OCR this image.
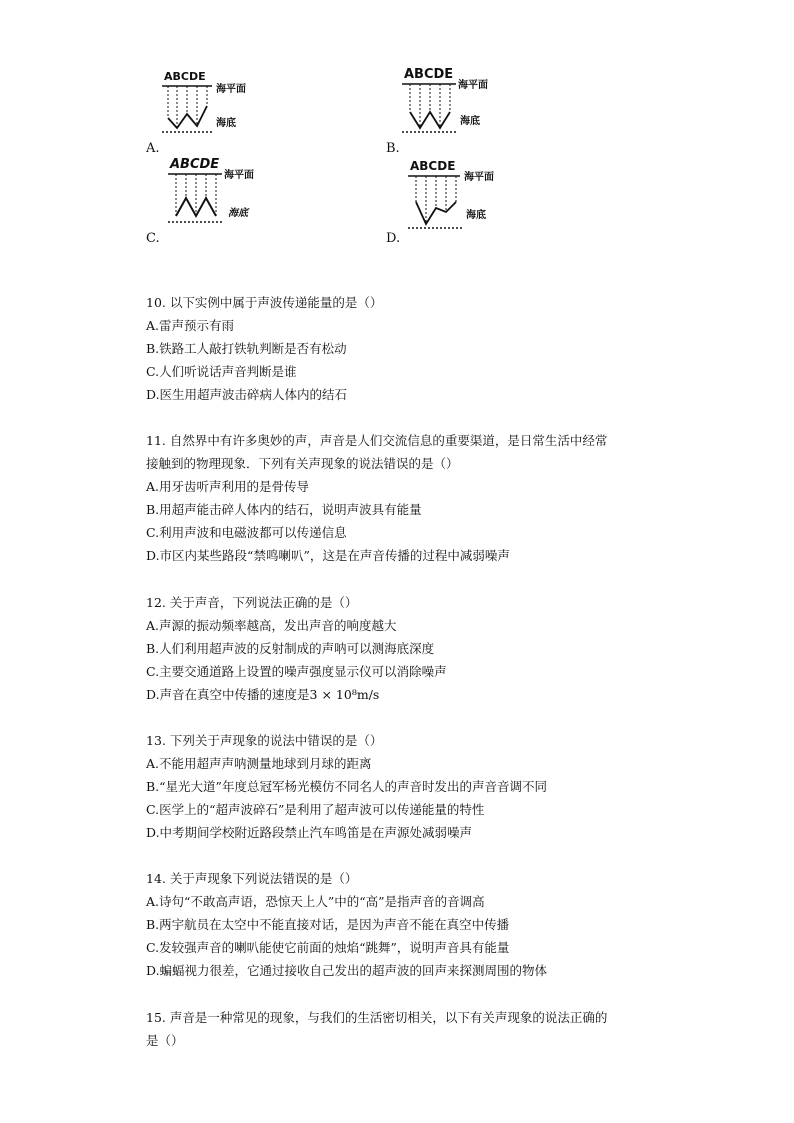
A.
ABCDE
海平面
海底
B.
ABCDE
海平面
海底
C.
ABCDE
海平面
海底
D.
ABCDE
海平面
海底

10. 以下实例中属于声波传递能量的是（）

A.雷声预示有雨

B.铁路工人敲打铁轨判断是否有松动

C.人们听说话声音判断是谁

D.医生用超声波击碎病人体内的结石

11. 自然界中有许多奥妙的声，声音是人们交流信息的重要渠道，是日常生活中经常

接触到的物理现象．下列有关声现象的说法错误的是（）

A.用牙齿听声利用的是骨传导

B.用超声能击碎人体内的结石，说明声波具有能量

C.利用声波和电磁波都可以传递信息

D.市区内某些路段“禁鸣喇叭”，这是在声音传播的过程中减弱噪声

12. 关于声音，下列说法正确的是（）

A.声源的振动频率越高，发出声音的响度越大

B.人们利用超声波的反射制成的声呐可以测海底深度

C.主要交通道路上设置的噪声强度显示仪可以消除噪声

D.声音在真空中传播的速度是3 × 10⁸m/s

13. 下列关于声现象的说法中错误的是（）

A.不能用超声声呐测量地球到月球的距离

B.“星光大道”年度总冠军杨光模仿不同名人的声音时发出的声音音调不同

C.医学上的“超声波碎石”是利用了超声波可以传递能量的特性

D.中考期间学校附近路段禁止汽车鸣笛是在声源处减弱噪声

14. 关于声现象下列说法错误的是（）

A.诗句“不敢高声语，恐惊天上人”中的“高”是指声音的音调高

B.两宇航员在太空中不能直接对话，是因为声音不能在真空中传播

C.发较强声音的喇叭能使它前面的烛焰“跳舞”，说明声音具有能量

D.蝙蝠视力很差，它通过接收自己发出的超声波的回声来探测周围的物体

15. 声音是一种常见的现象，与我们的生活密切相关，以下有关声现象的说法正确的

是（）
